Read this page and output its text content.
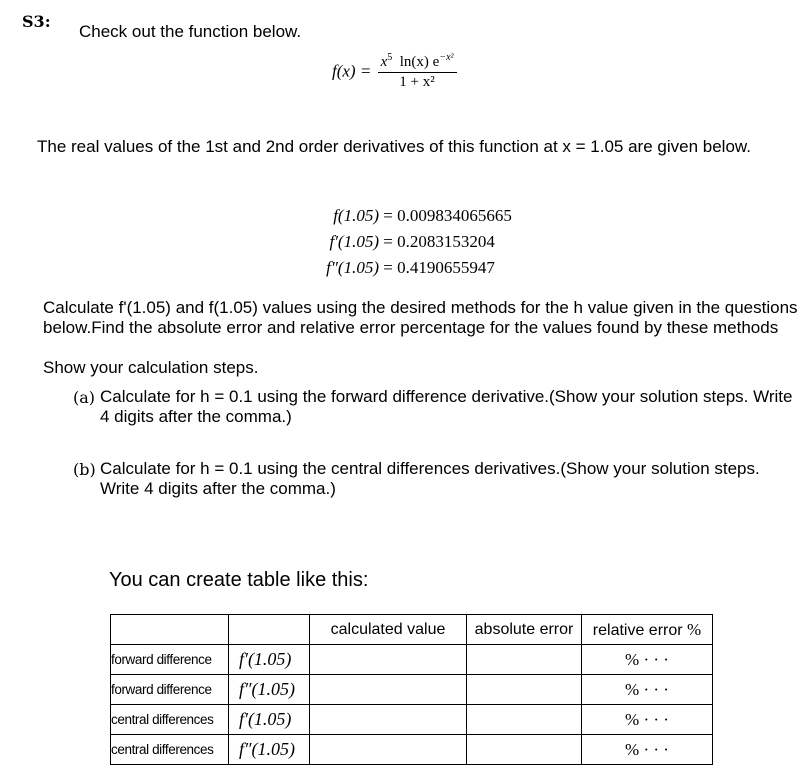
S3:
Check out the function below.
$f(x) = \frac{x^5 \ln(x) e^{-x^2}}{\text{1 + x²}}$
The real values of the 1st and 2nd order derivatives of this function at x = 1.05 are given below.
f(1.05) = 0.009834065665
f′(1.05) = 0.2083153204
f″(1.05) = 0.4190655947
Calculate f'(1.05) and f(1.05) values using the desired methods for the h value given in the questions below.Find the absolute error and relative error percentage for the values found by these methods
Show your calculation steps.
(a) Calculate for h = 0.1 using the forward difference derivative.(Show your solution steps. Write 4 digits after the comma.)
(b) Calculate for h = 0.1 using the central differences derivatives.(Show your solution steps. Write 4 digits after the comma.)
You can create table like this:
		calculated value	absolute error	relative error %
forward difference	f′(1.05)			% · · ·
forward difference	f″(1.05)			% · · ·
central differences	f′(1.05)			% · · ·
central differences	f″(1.05)			% · · ·
